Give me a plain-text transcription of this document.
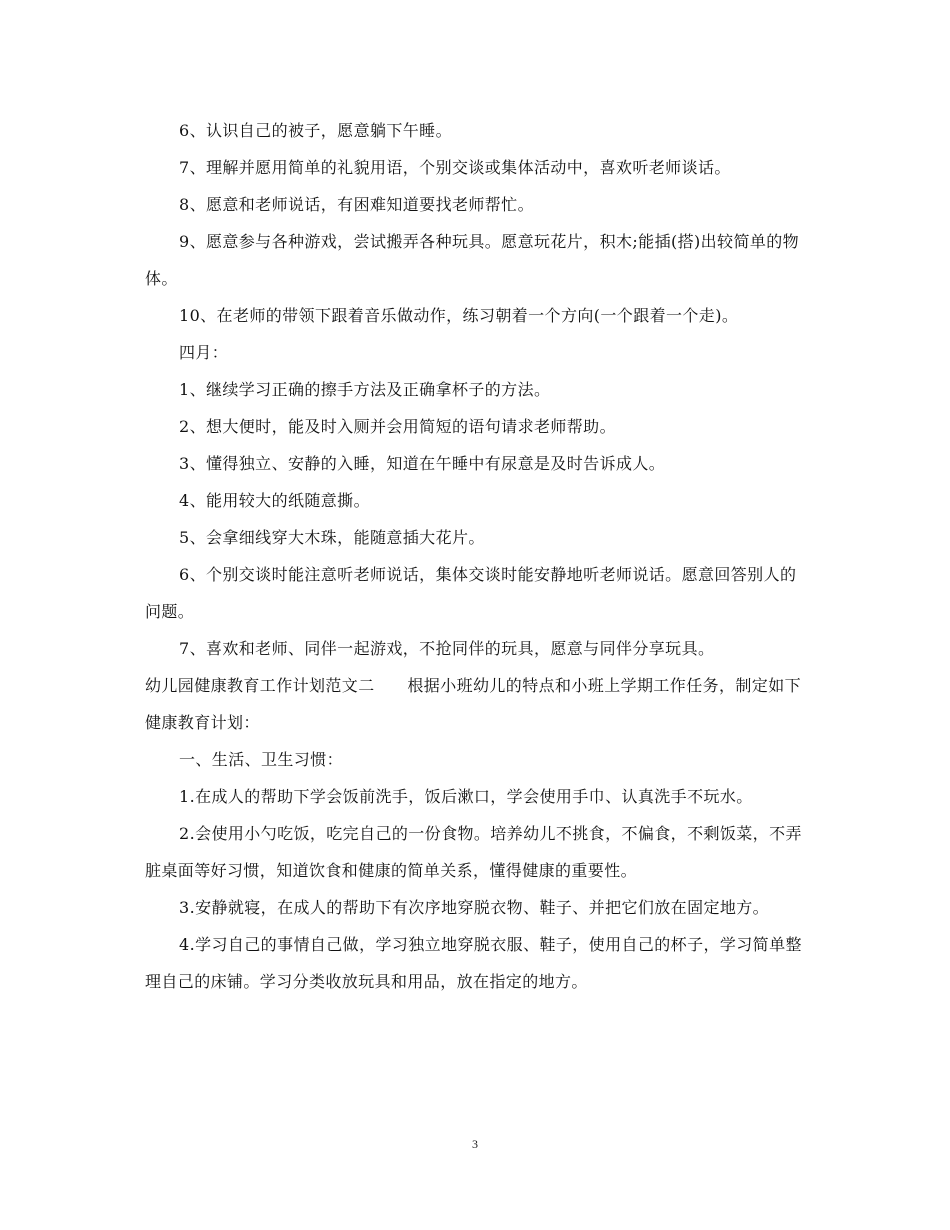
6、认识自己的被子，愿意躺下午睡。

7、理解并愿用简单的礼貌用语，个别交谈或集体活动中，喜欢听老师谈话。

8、愿意和老师说话，有困难知道要找老师帮忙。

9、愿意参与各种游戏，尝试搬弄各种玩具。愿意玩花片，积木;能插(搭)出较简单的物体。

10、在老师的带领下跟着音乐做动作，练习朝着一个方向(一个跟着一个走)。

四月：

1、继续学习正确的擦手方法及正确拿杯子的方法。

2、想大便时，能及时入厕并会用简短的语句请求老师帮助。

3、懂得独立、安静的入睡，知道在午睡中有尿意是及时告诉成人。

4、能用较大的纸随意撕。

5、会拿细线穿大木珠，能随意插大花片。

6、个别交谈时能注意听老师说话，集体交谈时能安静地听老师说话。愿意回答别人的问题。

7、喜欢和老师、同伴一起游戏，不抢同伴的玩具，愿意与同伴分享玩具。

幼儿园健康教育工作计划范文二　　根据小班幼儿的特点和小班上学期工作任务，制定如下健康教育计划：

一、生活、卫生习惯：

1.在成人的帮助下学会饭前洗手，饭后漱口，学会使用手巾、认真洗手不玩水。

2.会使用小勺吃饭，吃完自己的一份食物。培养幼儿不挑食，不偏食，不剩饭菜，不弄脏桌面等好习惯，知道饮食和健康的简单关系，懂得健康的重要性。

3.安静就寝，在成人的帮助下有次序地穿脱衣物、鞋子、并把它们放在固定地方。

4.学习自己的事情自己做，学习独立地穿脱衣服、鞋子，使用自己的杯子，学习简单整理自己的床铺。学习分类收放玩具和用品，放在指定的地方。

3
